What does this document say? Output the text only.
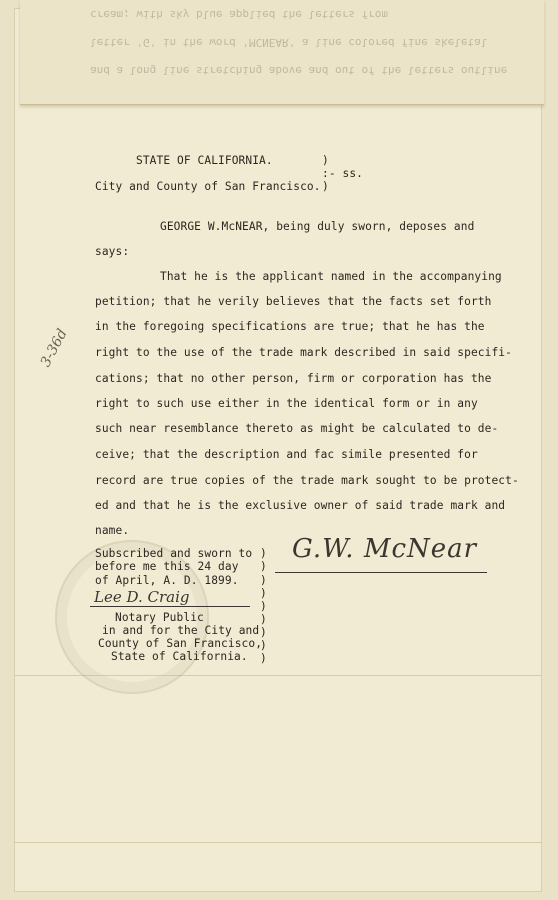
cream; with sky blue applied the letters from
letter 'G' in the word 'MCNEAR' a line colored fine skeletal
and a long line stretching above and out of the letters outline
STATE OF CALIFORNIA.	)
:- ss.
City and County of San Francisco. )
GEORGE W.McNEAR, being duly sworn, deposes and
says:
That he is the applicant named in the accompanying
petition; that he verily believes that the facts set forth
in the foregoing specifications are true; that he has the
right to the use of the trade mark described in said specifi-
cations; that no other person, firm or corporation has the
right to such use either in the identical form or in any
such near resemblance thereto as might be calculated to de-
ceive; that the description and fac simile presented for
record are true copies of the trade mark sought to be protect-
ed and that he is the exclusive owner of said trade mark and
name.
Subscribed and sworn to
before me this 24 day
of April, A. D. 1899.
Lee D. Craig
Notary Public
in and for the City and
County of San Francisco,
State of California.
)
)
)
)
)
)
)
)
)
G.W. McNear
3-36d
